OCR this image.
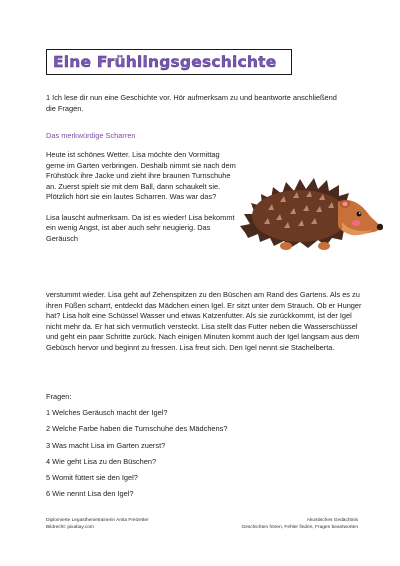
Eine Frühlingsgeschichte
1 Ich lese dir nun eine Geschichte vor. Hör aufmerksam zu und beantworte anschließend die Fragen.
Das merkwürdige Scharren

Heute ist schönes Wetter. Lisa möchte den Vormittag gerne im Garten verbringen. Deshalb nimmt sie nach dem Frühstück ihre Jacke und zieht ihre braunen Turnschuhe an. Zuerst spielt sie mit dem Ball, dann schaukelt sie. Plötzlich hört sie ein lautes Scharren. Was war das?

Lisa lauscht aufmerksam. Da ist es wieder! Lisa bekommt ein wenig Angst, ist aber auch sehr neugierig. Das Geräusch

verstummt wieder. Lisa geht auf Zehenspitzen zu den Büschen am Rand des Gartens. Als es zu ihren Füßen scharrt, entdeckt das Mädchen einen Igel. Er sitzt unter dem Strauch. Ob er Hunger hat? Lisa holt eine Schüssel Wasser und etwas Katzenfutter. Als sie zurückkommt, ist der Igel nicht mehr da. Er hat sich vermutlich versteckt. Lisa stellt das Futter neben die Wasserschüssel und geht ein paar Schritte zurück. Nach einigen Minuten kommt auch der Igel langsam aus dem Gebüsch hervor und beginnt zu fressen. Lisa freut sich. Den Igel nennt sie Stachelberta.
Fragen:
1 Welches Geräusch macht der Igel?
2 Welche Farbe haben die Turnschuhe des Mädchens?
3 Was macht Lisa im Garten zuerst?
4 Wie geht Lisa zu den Büschen?
5 Womit füttert sie den Igel?
6 Wie nennt Lisa den Igel?
Diplomierte Legasthenietrainerin Anita Freizetter
Bildrecht: pixabay.com
Akustisches Gedächtnis
Geschichten hören, Fehler finden, Fragen beantworten
